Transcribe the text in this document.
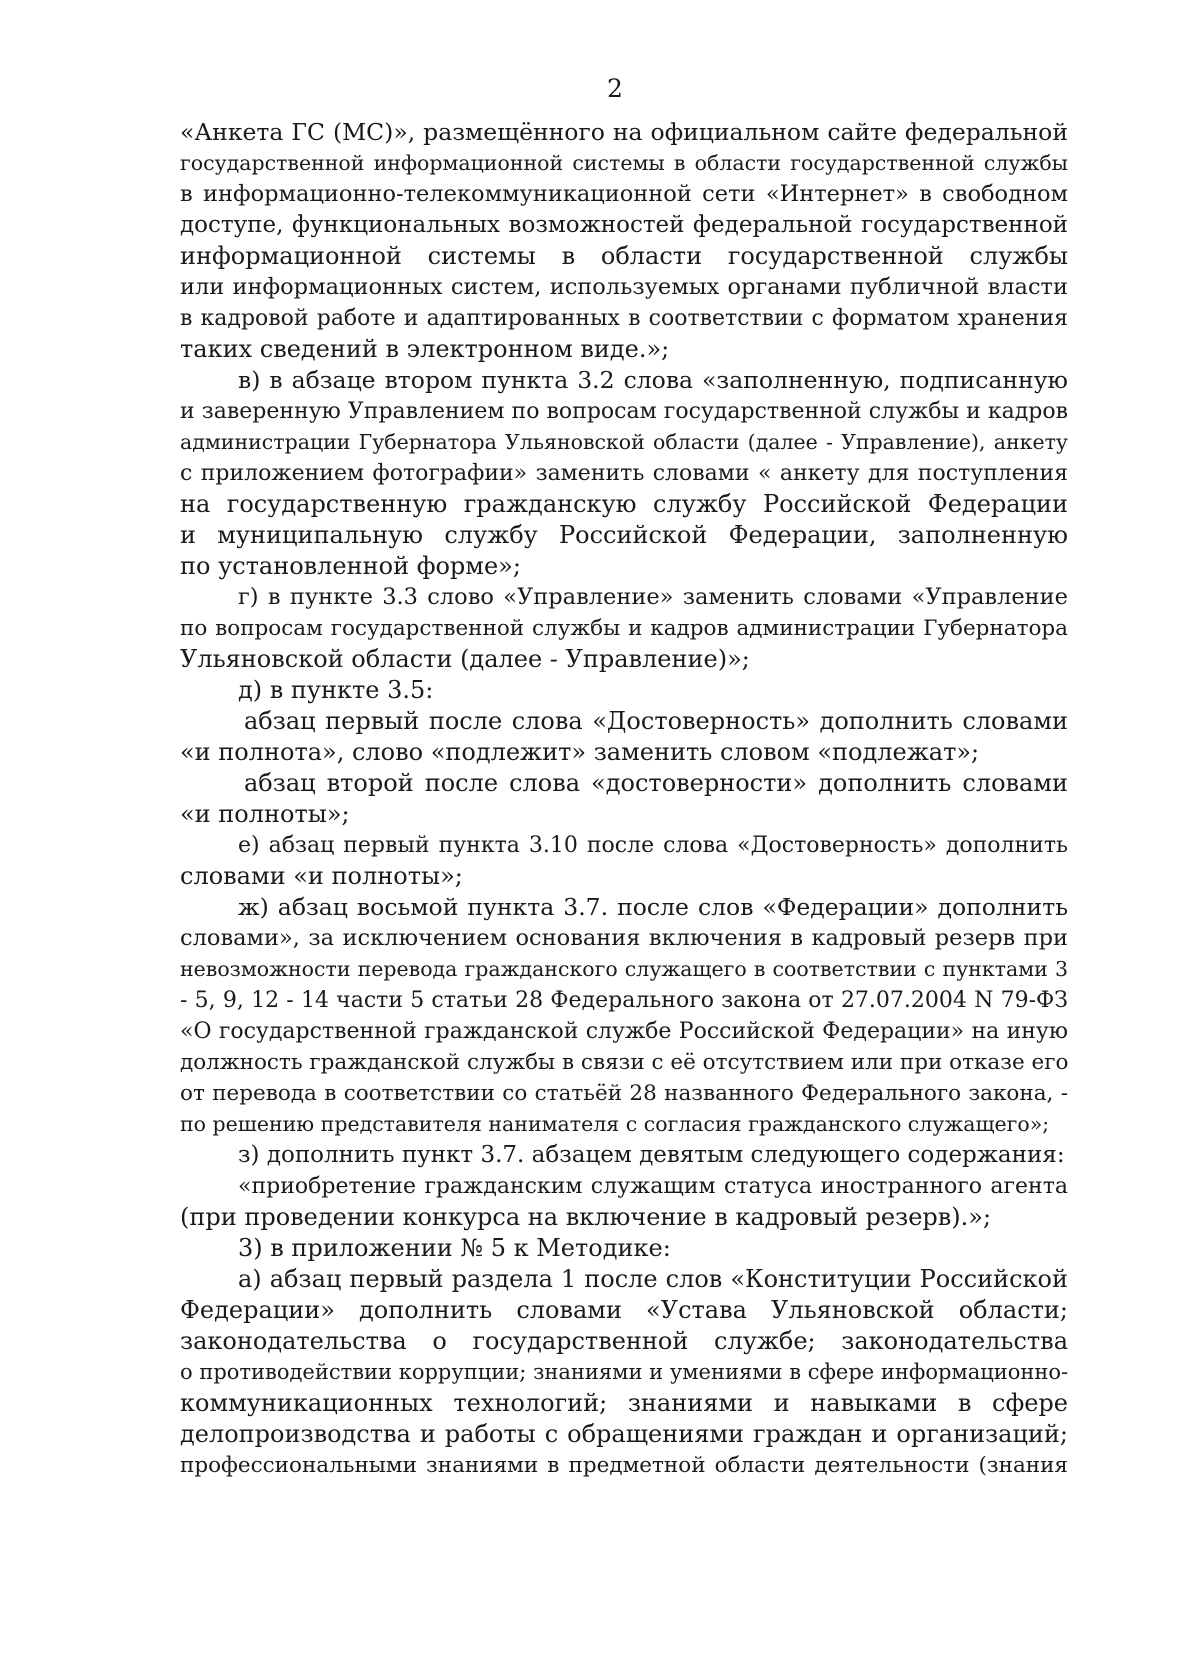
2
«Анкета ГС (МС)», размещённого на официальном сайте федеральной
государственной информационной системы в области государственной службы
в информационно-телекоммуникационной сети «Интернет» в свободном
доступе, функциональных возможностей федеральной государственной
информационной системы в области государственной службы
или информационных систем, используемых органами публичной власти
в кадровой работе и адаптированных в соответствии с форматом хранения
таких сведений в электронном виде.»;
в) в абзаце втором пункта 3.2 слова «заполненную, подписанную
и заверенную Управлением по вопросам государственной службы и кадров
администрации Губернатора Ульяновской области (далее - Управление), анкету
с приложением фотографии» заменить словами « анкету для поступления
на государственную гражданскую службу Российской Федерации
и муниципальную службу Российской Федерации, заполненную
по установленной форме»;
г) в пункте 3.3 слово «Управление» заменить словами «Управление
по вопросам государственной службы и кадров администрации Губернатора
Ульяновской области (далее - Управление)»;
д) в пункте 3.5:
абзац первый после слова «Достоверность» дополнить словами
«и полнота», слово «подлежит» заменить словом «подлежат»;
абзац второй после слова «достоверности» дополнить словами
«и полноты»;
е) абзац первый пункта 3.10 после слова «Достоверность» дополнить
словами «и полноты»;
ж) абзац восьмой пункта 3.7. после слов «Федерации» дополнить
словами», за исключением основания включения в кадровый резерв при
невозможности перевода гражданского служащего в соответствии с пунктами 3
- 5, 9, 12 - 14 части 5 статьи 28 Федерального закона от 27.07.2004 N 79-ФЗ
«О государственной гражданской службе Российской Федерации» на иную
должность гражданской службы в связи с её отсутствием или при отказе его
от перевода в соответствии со статьёй 28 названного Федерального закона, -
по решению представителя нанимателя с согласия гражданского служащего»;
з) дополнить пункт 3.7. абзацем девятым следующего содержания:
«приобретение гражданским служащим статуса иностранного агента
(при проведении конкурса на включение в кадровый резерв).»;
3) в приложении № 5 к Методике:
а) абзац первый раздела 1 после слов «Конституции Российской
Федерации» дополнить словами «Устава Ульяновской области;
законодательства о государственной службе; законодательства
о противодействии коррупции; знаниями и умениями в сфере информационно-
коммуникационных технологий; знаниями и навыками в сфере
делопроизводства и работы с обращениями граждан и организаций;
профессиональными знаниями в предметной области деятельности (знания
